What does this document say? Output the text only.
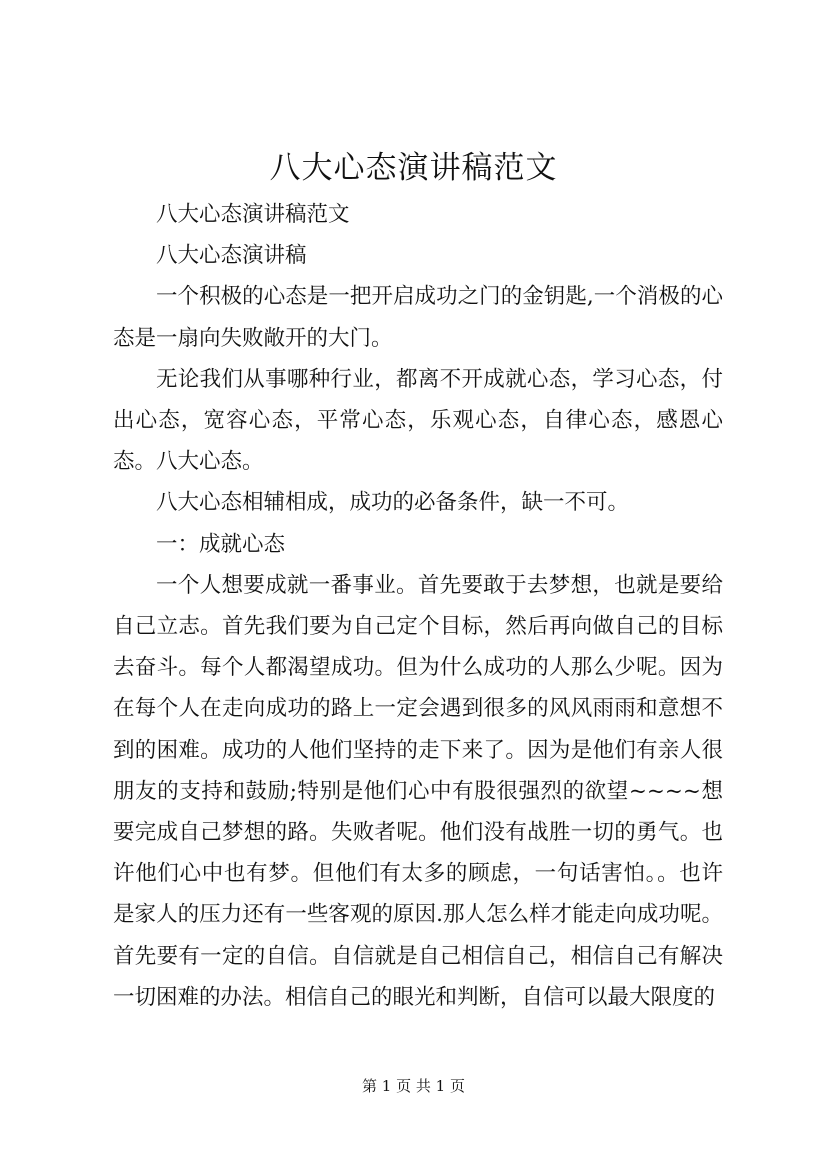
八大心态演讲稿范文

八大心态演讲稿范文

八大心态演讲稿

一个积极的心态是一把开启成功之门的金钥匙,一个消极的心态是一扇向失败敞开的大门。

无论我们从事哪种行业，都离不开成就心态，学习心态，付出心态，宽容心态，平常心态，乐观心态，自律心态，感恩心态。八大心态。

八大心态相辅相成，成功的必备条件，缺一不可。

一：成就心态

一个人想要成就一番事业。首先要敢于去梦想，也就是要给自己立志。首先我们要为自己定个目标，然后再向做自己的目标去奋斗。每个人都渴望成功。但为什么成功的人那么少呢。因为在每个人在走向成功的路上一定会遇到很多的风风雨雨和意想不到的困难。成功的人他们坚持的走下来了。因为是他们有亲人很朋友的支持和鼓励;特别是他们心中有股很强烈的欲望~~~~想要完成自己梦想的路。失败者呢。他们没有战胜一切的勇气。也许他们心中也有梦。但他们有太多的顾虑，一句话害怕。。也许是家人的压力还有一些客观的原因.那人怎么样才能走向成功呢。首先要有一定的自信。自信就是自己相信自己，相信自己有解决一切困难的办法。相信自己的眼光和判断，自信可以最大限度的

第 1 页 共 1 页
